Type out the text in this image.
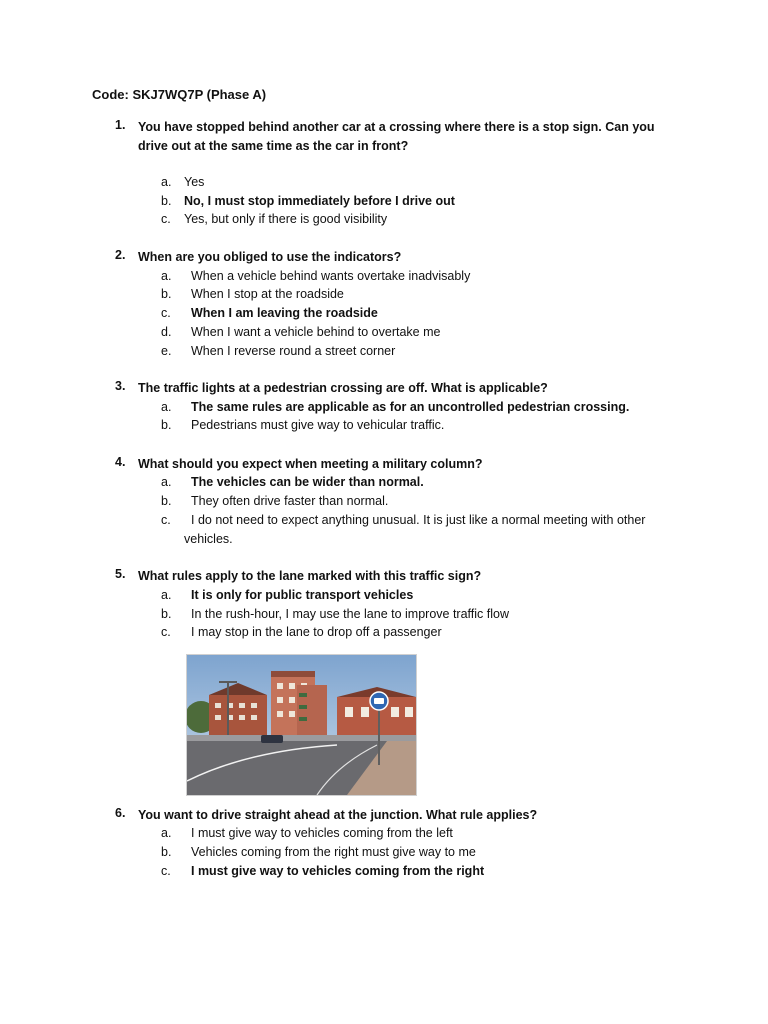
Code: SKJ7WQ7P (Phase A)
1.	You have stopped behind another car at a crossing where there is a stop sign. Can you drive out at the same time as the car in front?
a.	Yes
b.	No, I must stop immediately before I drive out
c.	Yes, but only if there is good visibility
2.	When are you obliged to use the indicators?
a.	When a vehicle behind wants overtake inadvisably
b.	When I stop at the roadside
c.	When I am leaving the roadside
d.	When I want a vehicle behind to overtake me
e.	When I reverse round a street corner
3.	The traffic lights at a pedestrian crossing are off. What is applicable?
a.	The same rules are applicable as for an uncontrolled pedestrian crossing.
b.	Pedestrians must give way to vehicular traffic.
4.	What should you expect when meeting a military column?
a.	The vehicles can be wider than normal.
b.	They often drive faster than normal.
c.	I do not need to expect anything unusual. It is just like a normal meeting with other vehicles.
5.	What rules apply to the lane marked with this traffic sign?
a.	It is only for public transport vehicles
b.	In the rush-hour, I may use the lane to improve traffic flow
c.	I may stop in the lane to drop off a passenger
6.	You want to drive straight ahead at the junction. What rule applies?
a.	I must give way to vehicles coming from the left
b.	Vehicles coming from the right must give way to me
c.	I must give way to vehicles coming from the right
